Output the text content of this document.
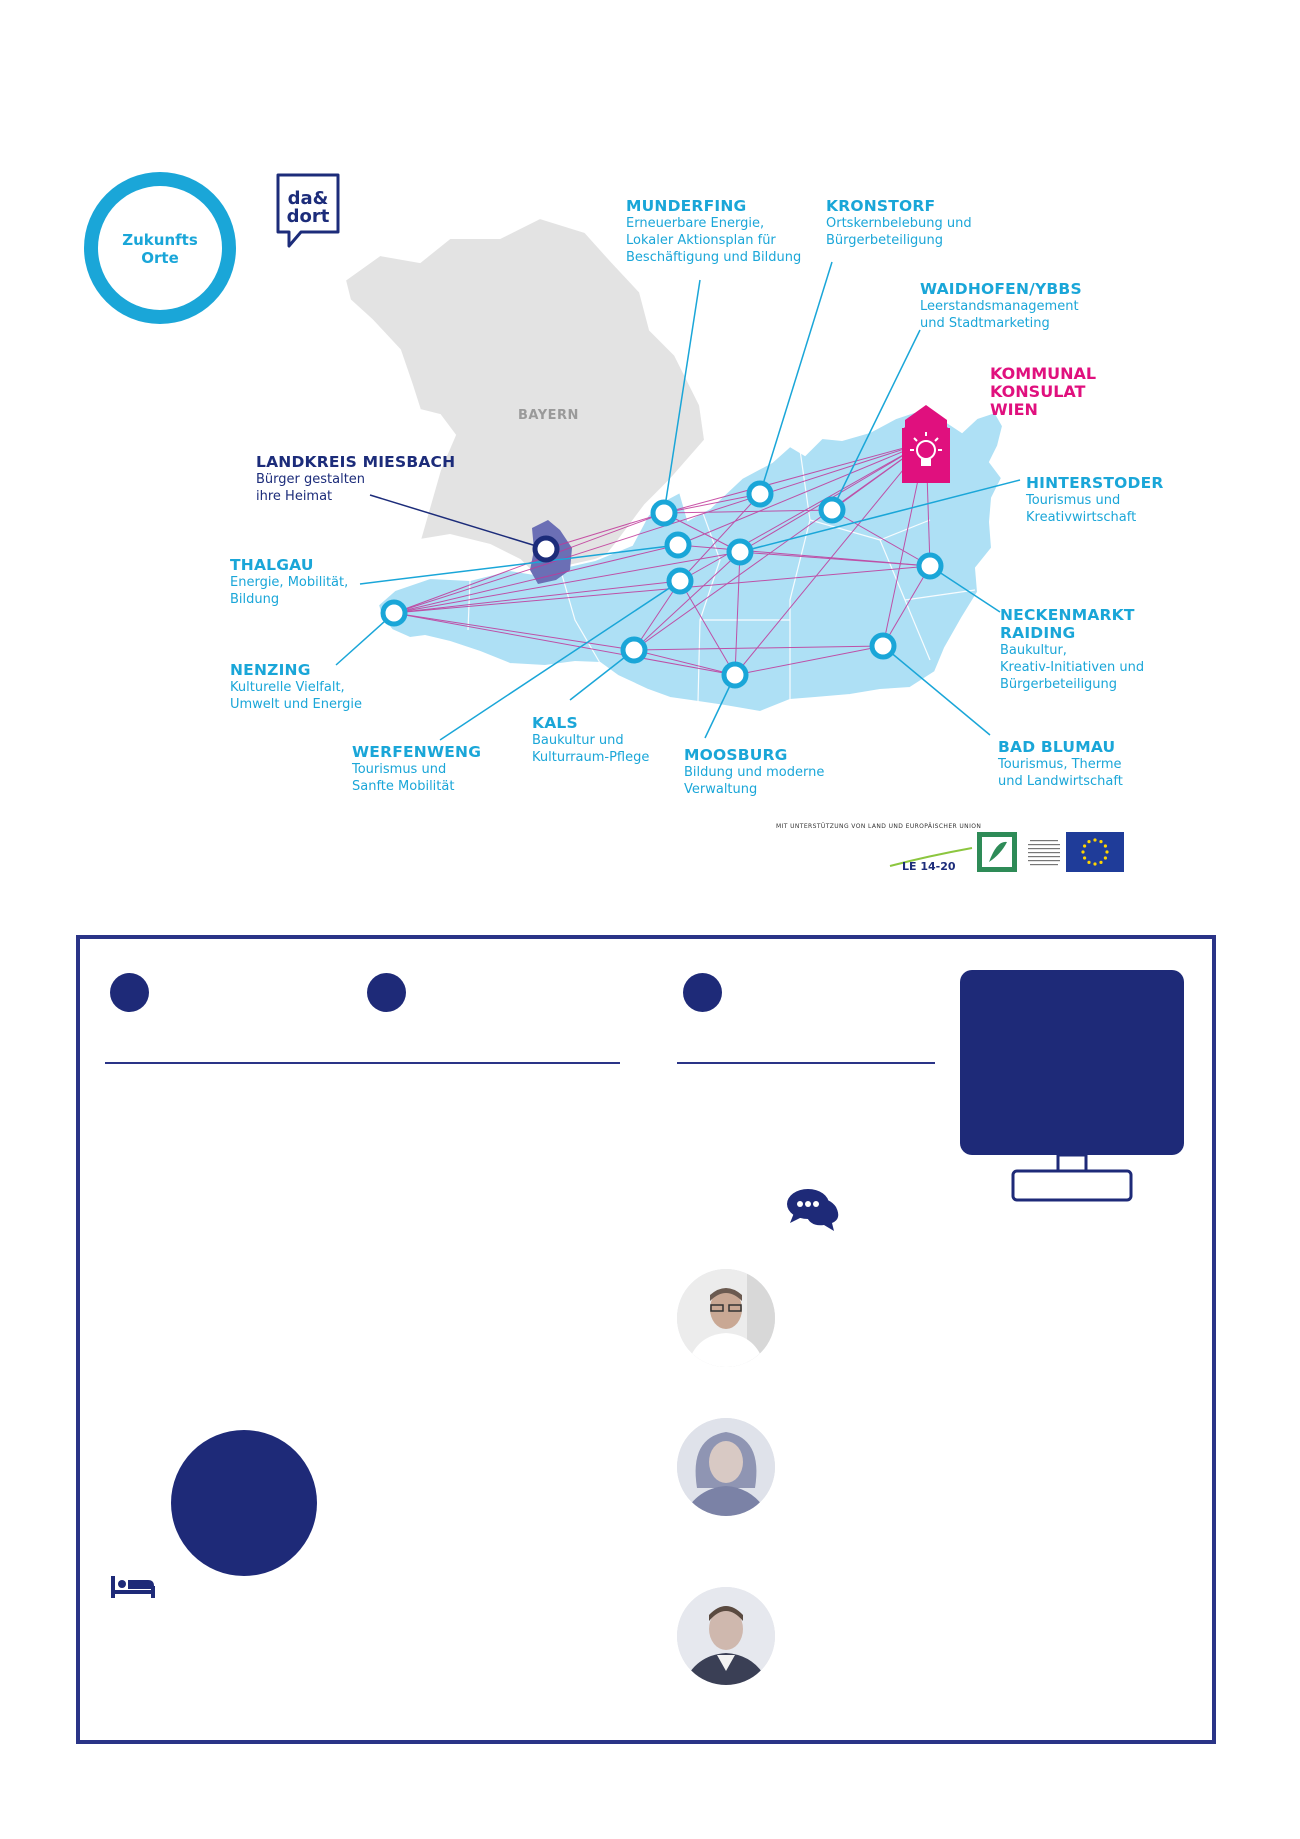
www.zukunftsorte.at
orm der innovativen Gemeinden Öster
Zukunfts
Orte
da&
dort
BAYERN
MUNDERFING
Erneuerbare Energie,
Lokaler Aktionsplan für
Beschäftigung und Bildung
KRONSTORF
Ortskernbelebung und
Bürgerbeteiligung
WAIDHOFEN/YBBS
Leerstandsmanagement
und Stadtmarketing
KOMMUNAL
KONSULAT
WIEN
HINTERSTODER
Tourismus und
Kreativwirtschaft
NECKENMARKT
RAIDING
Baukultur,
Kreativ-Initiativen und
Bürgerbeteiligung
BAD BLUMAU
Tourismus, Therme
und Landwirtschaft
MOOSBURG
Bildung und moderne
Verwaltung
KALS
Baukultur und
Kulturraum-Pflege
WERFENWENG
Tourismus und
Sanfte Mobilität
NENZING
Kulturelle Vielfalt,
Umwelt und Energie
THALGAU
Energie, Mobilität,
Bildung
LANDKREIS MIESBACH
Bürger gestalten
ihre Heimat
MIT UNTERSTÜTZUNG VON LAND UND EUROPÄISCHER UNION
LE 14-20
